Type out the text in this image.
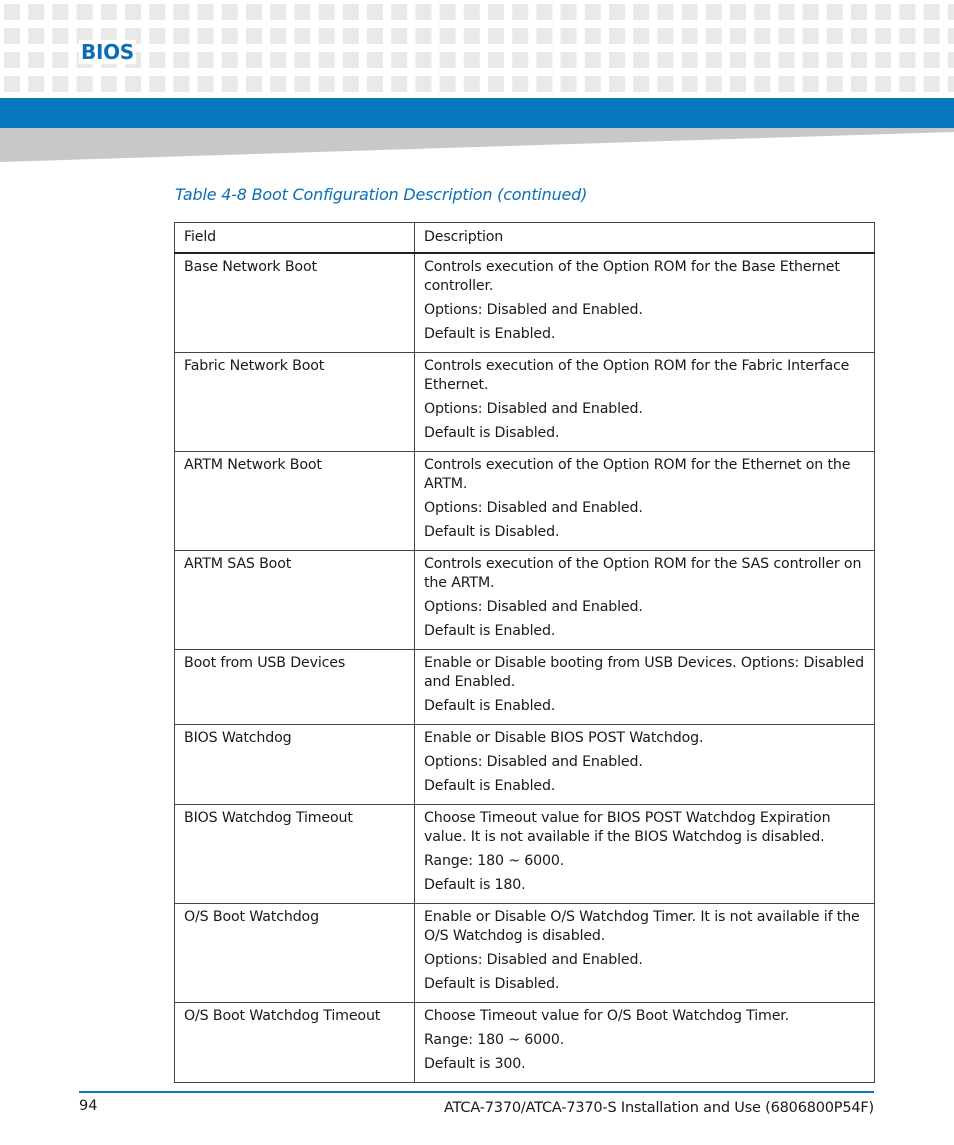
BIOS
Table 4-8 Boot Configuration Description (continued)
Field	Description
Base Network Boot	Controls execution of the Option ROM for the Base Ethernet controller.

Options: Disabled and Enabled.

Default is Enabled.

Fabric Network Boot	Controls execution of the Option ROM for the Fabric Interface Ethernet.

Options: Disabled and Enabled.

Default is Disabled.

ARTM Network Boot	Controls execution of the Option ROM for the Ethernet on the ARTM.

Options: Disabled and Enabled.

Default is Disabled.

ARTM SAS Boot	Controls execution of the Option ROM for the SAS controller on the ARTM.

Options: Disabled and Enabled.

Default is Enabled.

Boot from USB Devices	Enable or Disable booting from USB Devices. Options: Disabled and Enabled.

Default is Enabled.

BIOS Watchdog	Enable or Disable BIOS POST Watchdog.

Options: Disabled and Enabled.

Default is Enabled.

BIOS Watchdog Timeout	Choose Timeout value for BIOS POST Watchdog Expiration value. It is not available if the BIOS Watchdog is disabled.

Range: 180 ~ 6000.

Default is 180.

O/S Boot Watchdog	Enable or Disable O/S Watchdog Timer. It is not available if the O/S Watchdog is disabled.

Options: Disabled and Enabled.

Default is Disabled.

O/S Boot Watchdog Timeout	Choose Timeout value for O/S Boot Watchdog Timer.

Range: 180 ~ 6000.

Default is 300.

94	ATCA-7370/ATCA-7370-S Installation and Use (6806800P54F)
